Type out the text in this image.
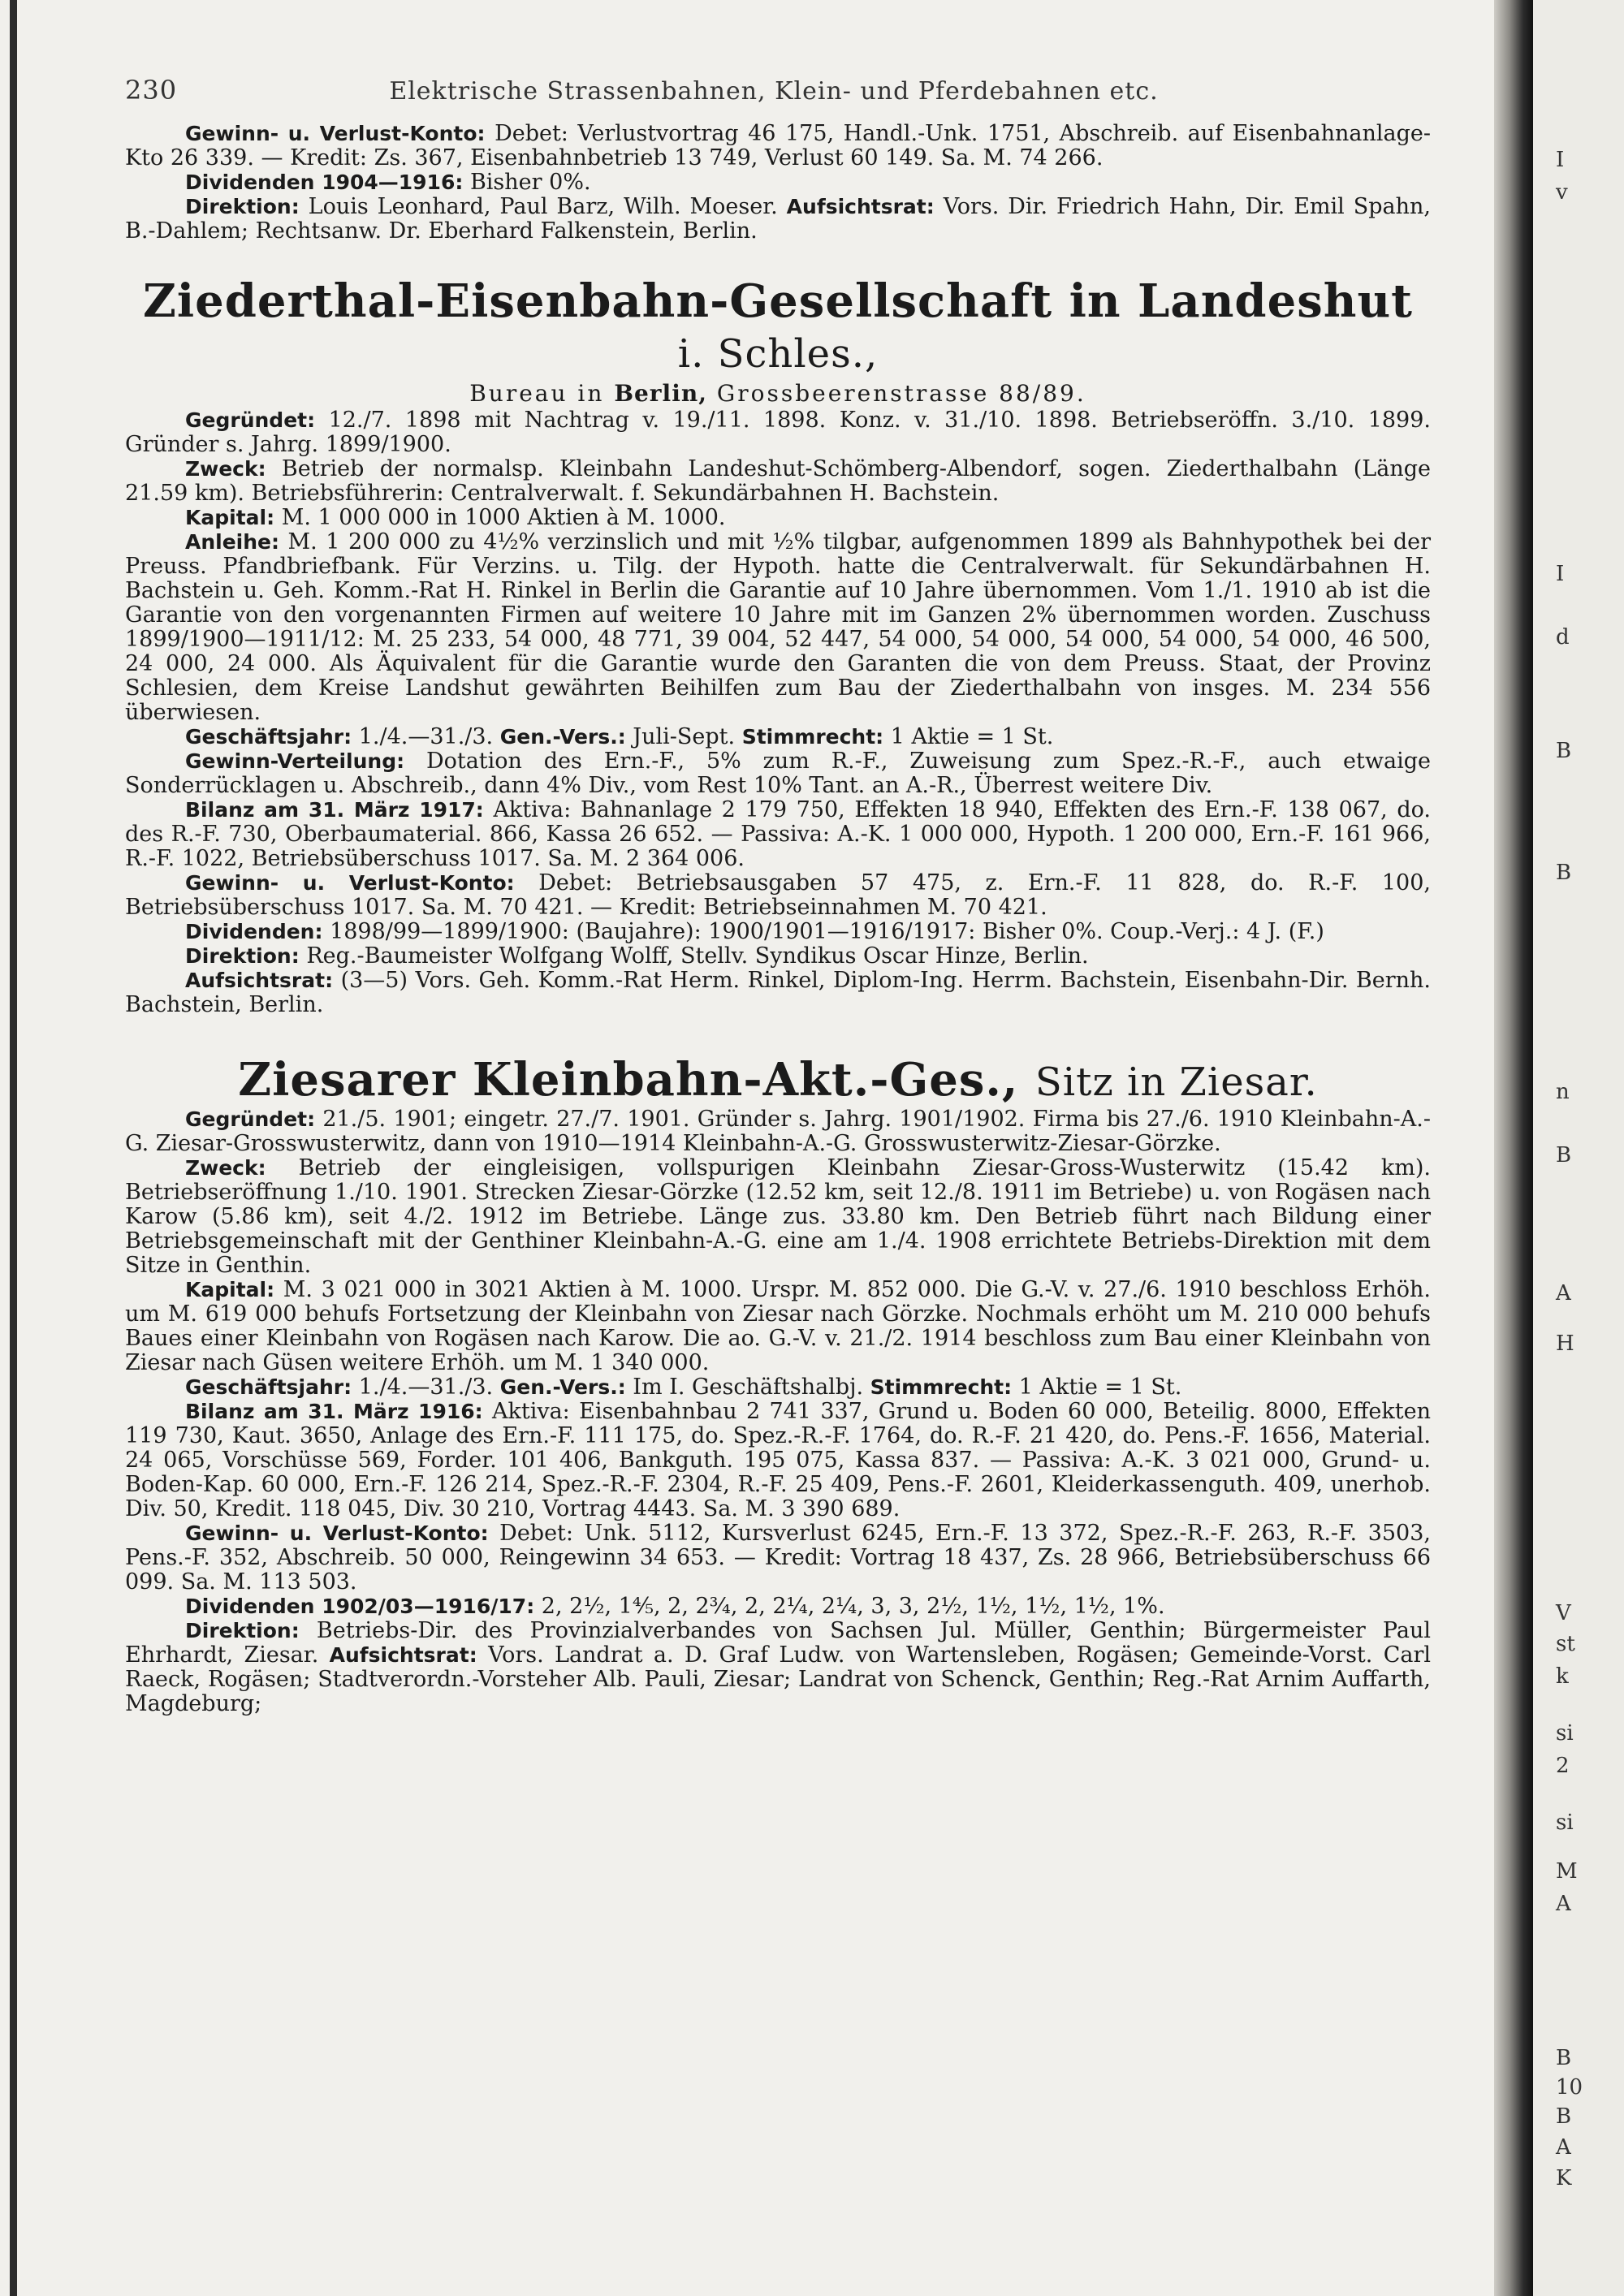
230	Elektrische Strassenbahnen, Klein- und Pferdebahnen etc.

Gewinn- u. Verlust-Konto: Debet: Verlustvortrag 46 175, Handl.-Unk. 1751, Abschreib. auf Eisenbahnanlage-Kto 26 339. — Kredit: Zs. 367, Eisenbahnbetrieb 13 749, Verlust 60 149. Sa. M. 74 266.

Dividenden 1904—1916: Bisher 0%.

Direktion: Louis Leonhard, Paul Barz, Wilh. Moeser. Aufsichtsrat: Vors. Dir. Friedrich Hahn, Dir. Emil Spahn, B.-Dahlem; Rechtsanw. Dr. Eberhard Falkenstein, Berlin.

Ziederthal-Eisenbahn-Gesellschaft in Landeshut i. Schles.,

Bureau in Berlin, Grossbeerenstrasse 88/89.

Gegründet: 12./7. 1898 mit Nachtrag v. 19./11. 1898. Konz. v. 31./10. 1898. Betriebseröffn. 3./10. 1899. Gründer s. Jahrg. 1899/1900.

Zweck: Betrieb der normalsp. Kleinbahn Landeshut-Schömberg-Albendorf, sogen. Ziederthalbahn (Länge 21.59 km). Betriebsführerin: Centralverwalt. f. Sekundärbahnen H. Bachstein.

Kapital: M. 1 000 000 in 1000 Aktien à M. 1000.

Anleihe: M. 1 200 000 zu 4½% verzinslich und mit ½% tilgbar, aufgenommen 1899 als Bahnhypothek bei der Preuss. Pfandbriefbank. Für Verzins. u. Tilg. der Hypoth. hatte die Centralverwalt. für Sekundärbahnen H. Bachstein u. Geh. Komm.-Rat H. Rinkel in Berlin die Garantie auf 10 Jahre übernommen. Vom 1./1. 1910 ab ist die Garantie von den vorgenannten Firmen auf weitere 10 Jahre mit im Ganzen 2% übernommen worden. Zuschuss 1899/1900—1911/12: M. 25 233, 54 000, 48 771, 39 004, 52 447, 54 000, 54 000, 54 000, 54 000, 54 000, 46 500, 24 000, 24 000. Als Äquivalent für die Garantie wurde den Garanten die von dem Preuss. Staat, der Provinz Schlesien, dem Kreise Landshut gewährten Beihilfen zum Bau der Ziederthalbahn von insges. M. 234 556 überwiesen.

Geschäftsjahr: 1./4.—31./3. Gen.-Vers.: Juli-Sept. Stimmrecht: 1 Aktie = 1 St.

Gewinn-Verteilung: Dotation des Ern.-F., 5% zum R.-F., Zuweisung zum Spez.-R.-F., auch etwaige Sonderrücklagen u. Abschreib., dann 4% Div., vom Rest 10% Tant. an A.-R., Überrest weitere Div.

Bilanz am 31. März 1917: Aktiva: Bahnanlage 2 179 750, Effekten 18 940, Effekten des Ern.-F. 138 067, do. des R.-F. 730, Oberbaumaterial. 866, Kassa 26 652. — Passiva: A.-K. 1 000 000, Hypoth. 1 200 000, Ern.-F. 161 966, R.-F. 1022, Betriebsüberschuss 1017. Sa. M. 2 364 006.

Gewinn- u. Verlust-Konto: Debet: Betriebsausgaben 57 475, z. Ern.-F. 11 828, do. R.-F. 100, Betriebsüberschuss 1017. Sa. M. 70 421. — Kredit: Betriebseinnahmen M. 70 421.

Dividenden: 1898/99—1899/1900: (Baujahre): 1900/1901—1916/1917: Bisher 0%. Coup.-Verj.: 4 J. (F.)

Direktion: Reg.-Baumeister Wolfgang Wolff, Stellv. Syndikus Oscar Hinze, Berlin.

Aufsichtsrat: (3—5) Vors. Geh. Komm.-Rat Herm. Rinkel, Diplom-Ing. Herrm. Bachstein, Eisenbahn-Dir. Bernh. Bachstein, Berlin.

Ziesarer Kleinbahn-Akt.-Ges., Sitz in Ziesar.

Gegründet: 21./5. 1901; eingetr. 27./7. 1901. Gründer s. Jahrg. 1901/1902. Firma bis 27./6. 1910 Kleinbahn-A.-G. Ziesar-Grosswusterwitz, dann von 1910—1914 Kleinbahn-A.-G. Grosswusterwitz-Ziesar-Görzke.

Zweck: Betrieb der eingleisigen, vollspurigen Kleinbahn Ziesar-Gross-Wusterwitz (15.42 km). Betriebseröffnung 1./10. 1901. Strecken Ziesar-Görzke (12.52 km, seit 12./8. 1911 im Betriebe) u. von Rogäsen nach Karow (5.86 km), seit 4./2. 1912 im Betriebe. Länge zus. 33.80 km. Den Betrieb führt nach Bildung einer Betriebsgemeinschaft mit der Genthiner Kleinbahn-A.-G. eine am 1./4. 1908 errichtete Betriebs-Direktion mit dem Sitze in Genthin.

Kapital: M. 3 021 000 in 3021 Aktien à M. 1000. Urspr. M. 852 000. Die G.-V. v. 27./6. 1910 beschloss Erhöh. um M. 619 000 behufs Fortsetzung der Kleinbahn von Ziesar nach Görzke. Nochmals erhöht um M. 210 000 behufs Baues einer Kleinbahn von Rogäsen nach Karow. Die ao. G.-V. v. 21./2. 1914 beschloss zum Bau einer Kleinbahn von Ziesar nach Güsen weitere Erhöh. um M. 1 340 000.

Geschäftsjahr: 1./4.—31./3. Gen.-Vers.: Im I. Geschäftshalbj. Stimmrecht: 1 Aktie = 1 St.

Bilanz am 31. März 1916: Aktiva: Eisenbahnbau 2 741 337, Grund u. Boden 60 000, Beteilig. 8000, Effekten 119 730, Kaut. 3650, Anlage des Ern.-F. 111 175, do. Spez.-R.-F. 1764, do. R.-F. 21 420, do. Pens.-F. 1656, Material. 24 065, Vorschüsse 569, Forder. 101 406, Bankguth. 195 075, Kassa 837. — Passiva: A.-K. 3 021 000, Grund- u. Boden-Kap. 60 000, Ern.-F. 126 214, Spez.-R.-F. 2304, R.-F. 25 409, Pens.-F. 2601, Kleiderkassenguth. 409, unerhob. Div. 50, Kredit. 118 045, Div. 30 210, Vortrag 4443. Sa. M. 3 390 689.

Gewinn- u. Verlust-Konto: Debet: Unk. 5112, Kursverlust 6245, Ern.-F. 13 372, Spez.-R.-F. 263, R.-F. 3503, Pens.-F. 352, Abschreib. 50 000, Reingewinn 34 653. — Kredit: Vortrag 18 437, Zs. 28 966, Betriebsüberschuss 66 099. Sa. M. 113 503.

Dividenden 1902/03—1916/17: 2, 2½, 1⅘, 2, 2¾, 2, 2¼, 2¼, 3, 3, 2½, 1½, 1½, 1½, 1%.

Direktion: Betriebs-Dir. des Provinzialverbandes von Sachsen Jul. Müller, Genthin; Bürgermeister Paul Ehrhardt, Ziesar. Aufsichtsrat: Vors. Landrat a. D. Graf Ludw. von Wartensleben, Rogäsen; Gemeinde-Vorst. Carl Raeck, Rogäsen; Stadtverordn.-Vorsteher Alb. Pauli, Ziesar; Landrat von Schenck, Genthin; Reg.-Rat Arnim Auffarth, Magdeburg;

I
v
I
d
B
B
n
B
A
H
V
st
k
si
2
si
M
A
B
10
B
A
K
